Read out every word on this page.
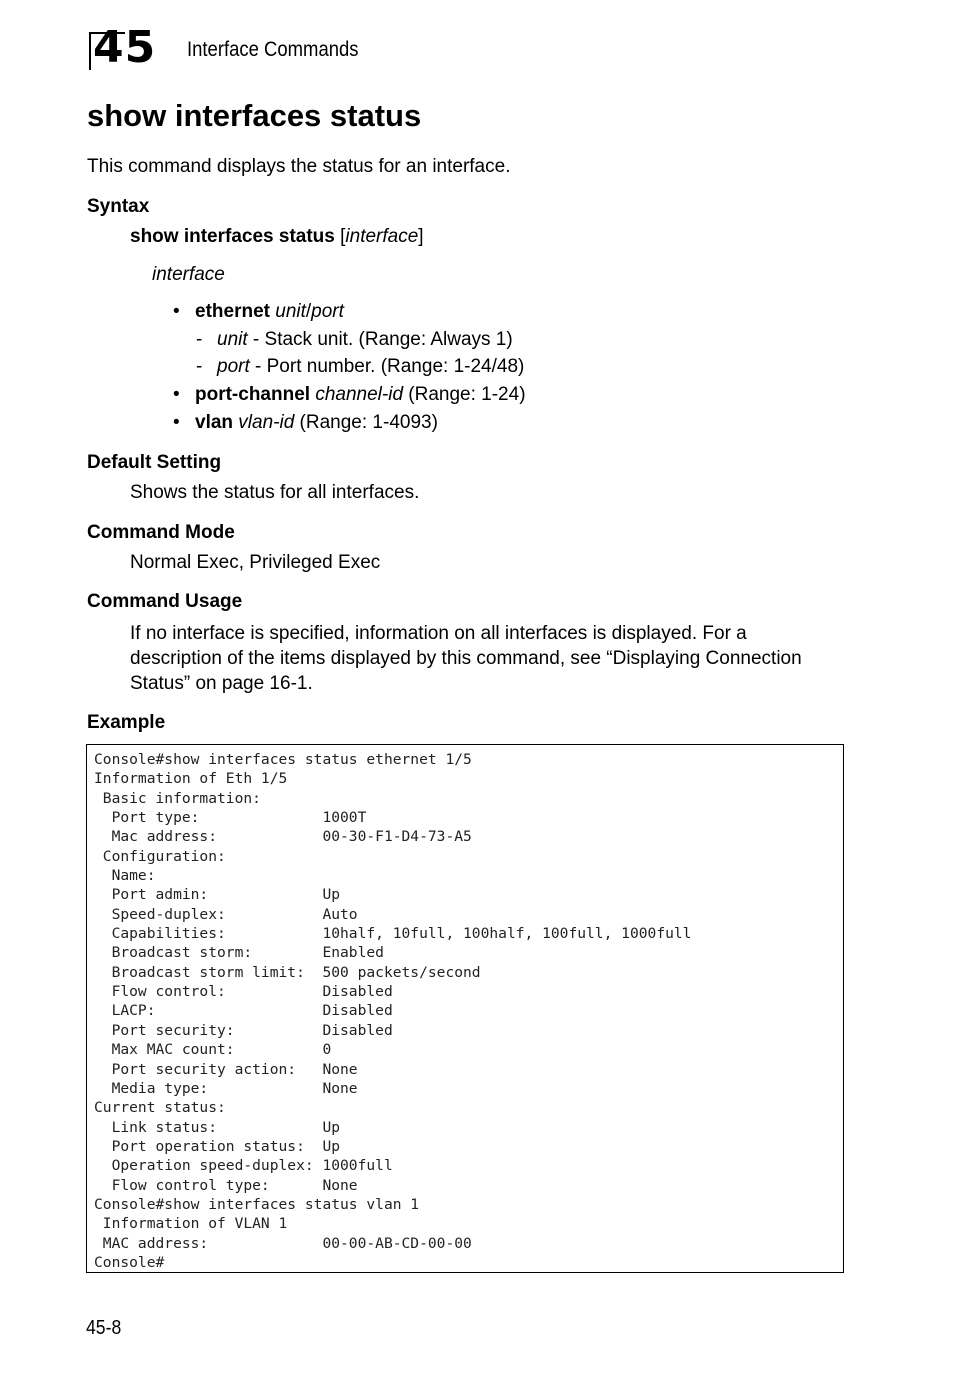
45 Interface Commands
show interfaces status
This command displays the status for an interface.
Syntax
show interfaces status [interface]
interface
• ethernet unit/port
- unit - Stack unit. (Range: Always 1)
- port - Port number. (Range: 1-24/48)
• port-channel channel-id (Range: 1-24)
• vlan vlan-id (Range: 1-4093)
Default Setting
Shows the status for all interfaces.
Command Mode
Normal Exec, Privileged Exec
Command Usage
If no interface is specified, information on all interfaces is displayed. For a description of the items displayed by this command, see “Displaying Connection Status” on page 16-1.
Example
Console#show interfaces status ethernet 1/5
Information of Eth 1/5
Basic information:
Port type:              1000T
Mac address:            00-30-F1-D4-73-A5
Configuration:
Name:
Port admin:             Up
Speed-duplex:           Auto
Capabilities:           10half, 10full, 100half, 100full, 1000full
Broadcast storm:        Enabled
Broadcast storm limit:  500 packets/second
Flow control:           Disabled
LACP:                   Disabled
Port security:          Disabled
Max MAC count:          0
Port security action:   None
Media type:             None
Current status:
Link status:            Up
Port operation status:  Up
Operation speed-duplex: 1000full
Flow control type:      None
Console#show interfaces status vlan 1
Information of VLAN 1
MAC address:             00-00-AB-CD-00-00
Console#
45-8
